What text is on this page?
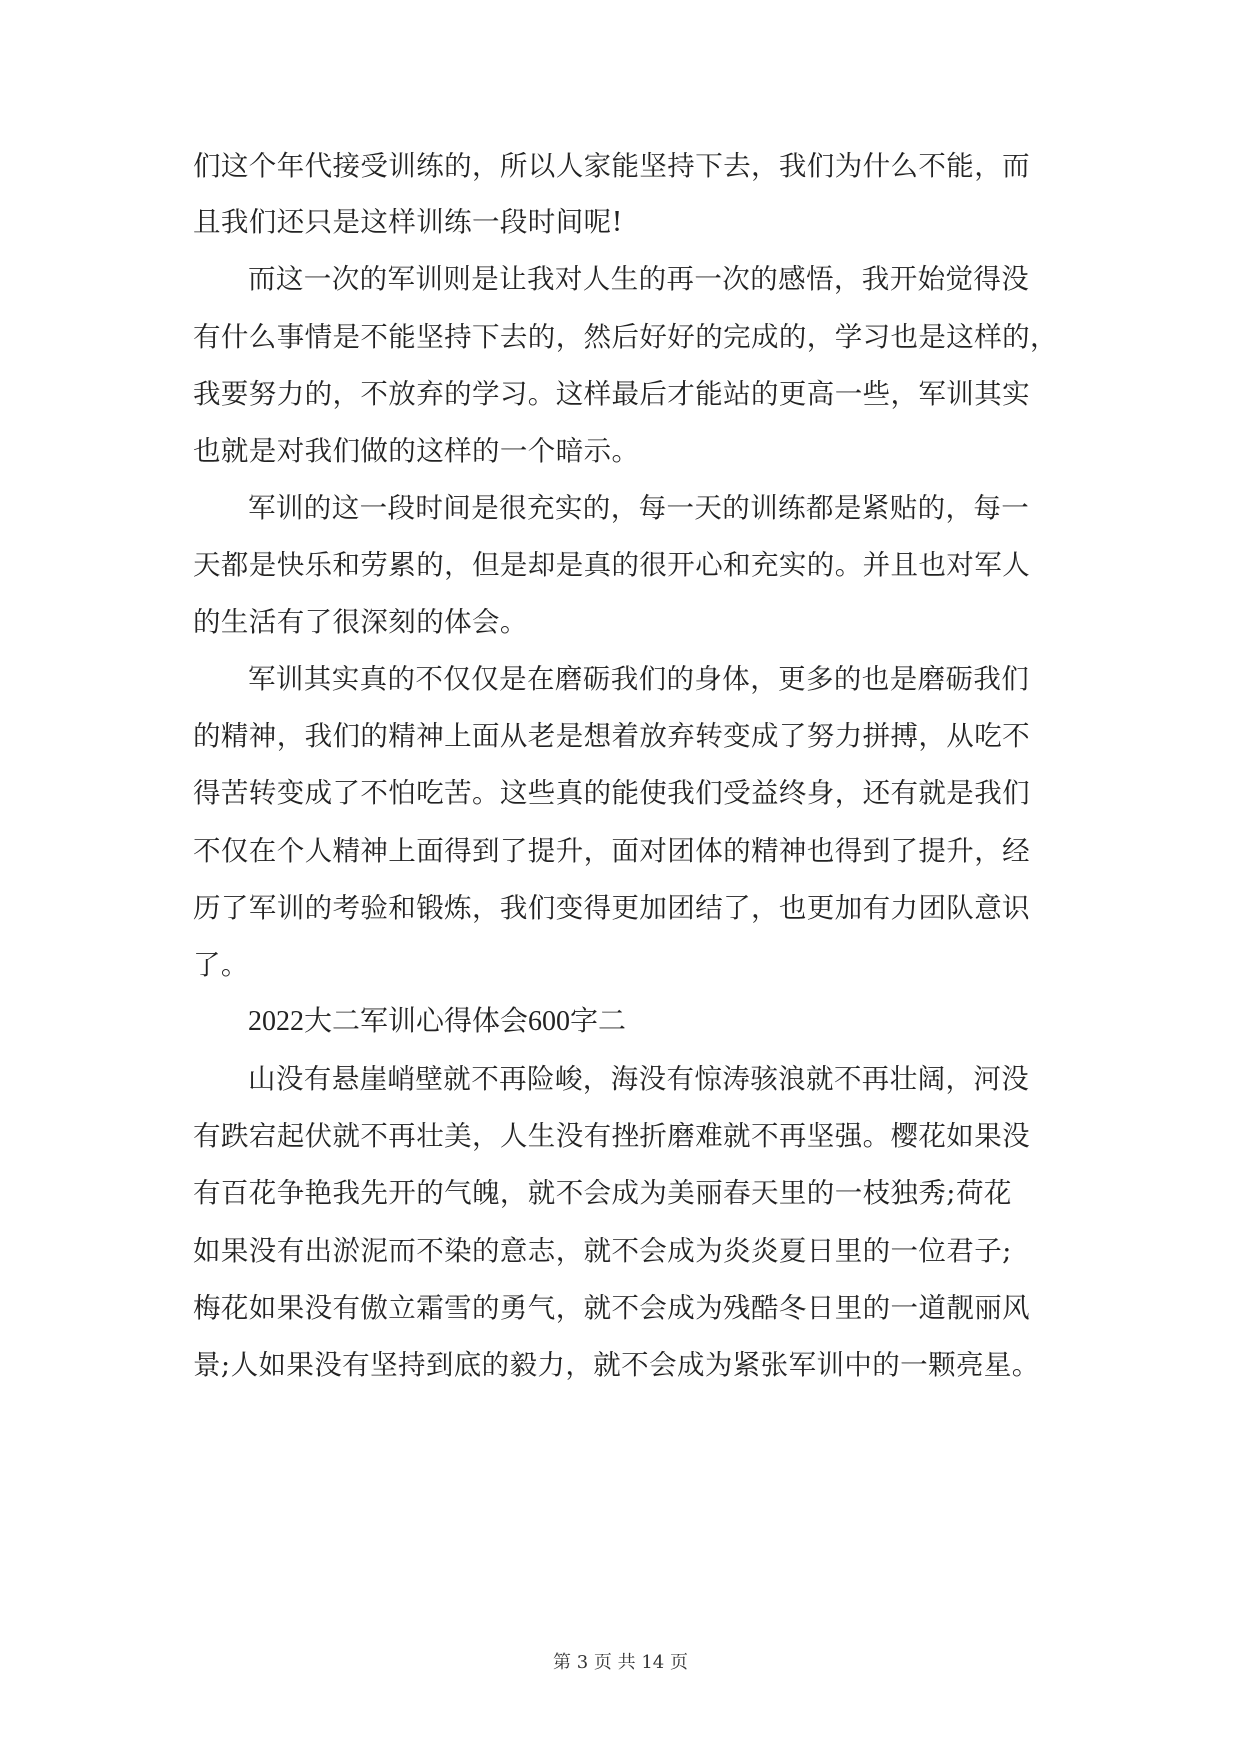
们这个年代接受训练的，所以人家能坚持下去，我们为什么不能，而
且我们还只是这样训练一段时间呢!
而这一次的军训则是让我对人生的再一次的感悟，我开始觉得没
有什么事情是不能坚持下去的，然后好好的完成的，学习也是这样的，
我要努力的，不放弃的学习。这样最后才能站的更高一些，军训其实
也就是对我们做的这样的一个暗示。
军训的这一段时间是很充实的，每一天的训练都是紧贴的，每一
天都是快乐和劳累的，但是却是真的很开心和充实的。并且也对军人
的生活有了很深刻的体会。
军训其实真的不仅仅是在磨砺我们的身体，更多的也是磨砺我们
的精神，我们的精神上面从老是想着放弃转变成了努力拼搏，从吃不
得苦转变成了不怕吃苦。这些真的能使我们受益终身，还有就是我们
不仅在个人精神上面得到了提升，面对团体的精神也得到了提升，经
历了军训的考验和锻炼，我们变得更加团结了，也更加有力团队意识
了。
2022大二军训心得体会600字二
山没有悬崖峭壁就不再险峻，海没有惊涛骇浪就不再壮阔，河没
有跌宕起伏就不再壮美，人生没有挫折磨难就不再坚强。樱花如果没
有百花争艳我先开的气魄，就不会成为美丽春天里的一枝独秀;荷花
如果没有出淤泥而不染的意志，就不会成为炎炎夏日里的一位君子;
梅花如果没有傲立霜雪的勇气，就不会成为残酷冬日里的一道靓丽风
景;人如果没有坚持到底的毅力，就不会成为紧张军训中的一颗亮星。
第 3 页 共 14 页
